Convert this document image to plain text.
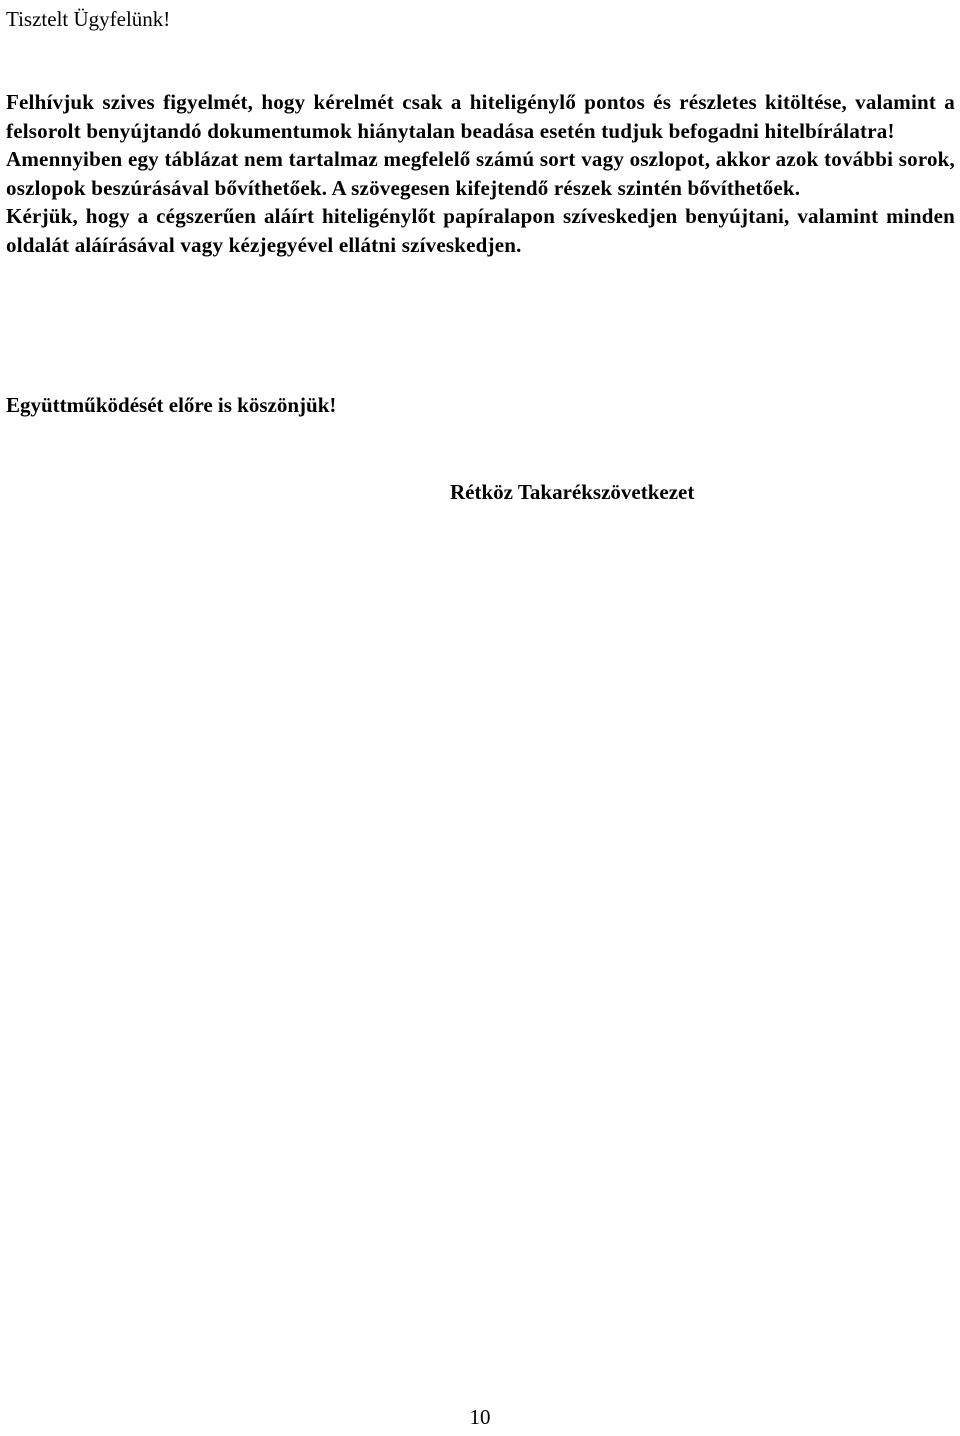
Tisztelt Ügyfelünk!

Felhívjuk szives figyelmét, hogy kérelmét csak a hiteligénylő pontos és részletes kitöltése, valamint a felsorolt benyújtandó dokumentumok hiánytalan beadása esetén tudjuk befogadni hitelbírálatra!

Amennyiben egy táblázat nem tartalmaz megfelelő számú sort vagy oszlopot, akkor azok további sorok, oszlopok beszúrásával bővíthetőek. A szövegesen kifejtendő részek szintén bővíthetőek.

Kérjük, hogy a cégszerűen aláírt hiteligénylőt papíralapon szíveskedjen benyújtani, valamint minden oldalát aláírásával vagy kézjegyével ellátni szíveskedjen.

Együttműködését előre is köszönjük!

Rétköz Takarékszövetkezet

10
